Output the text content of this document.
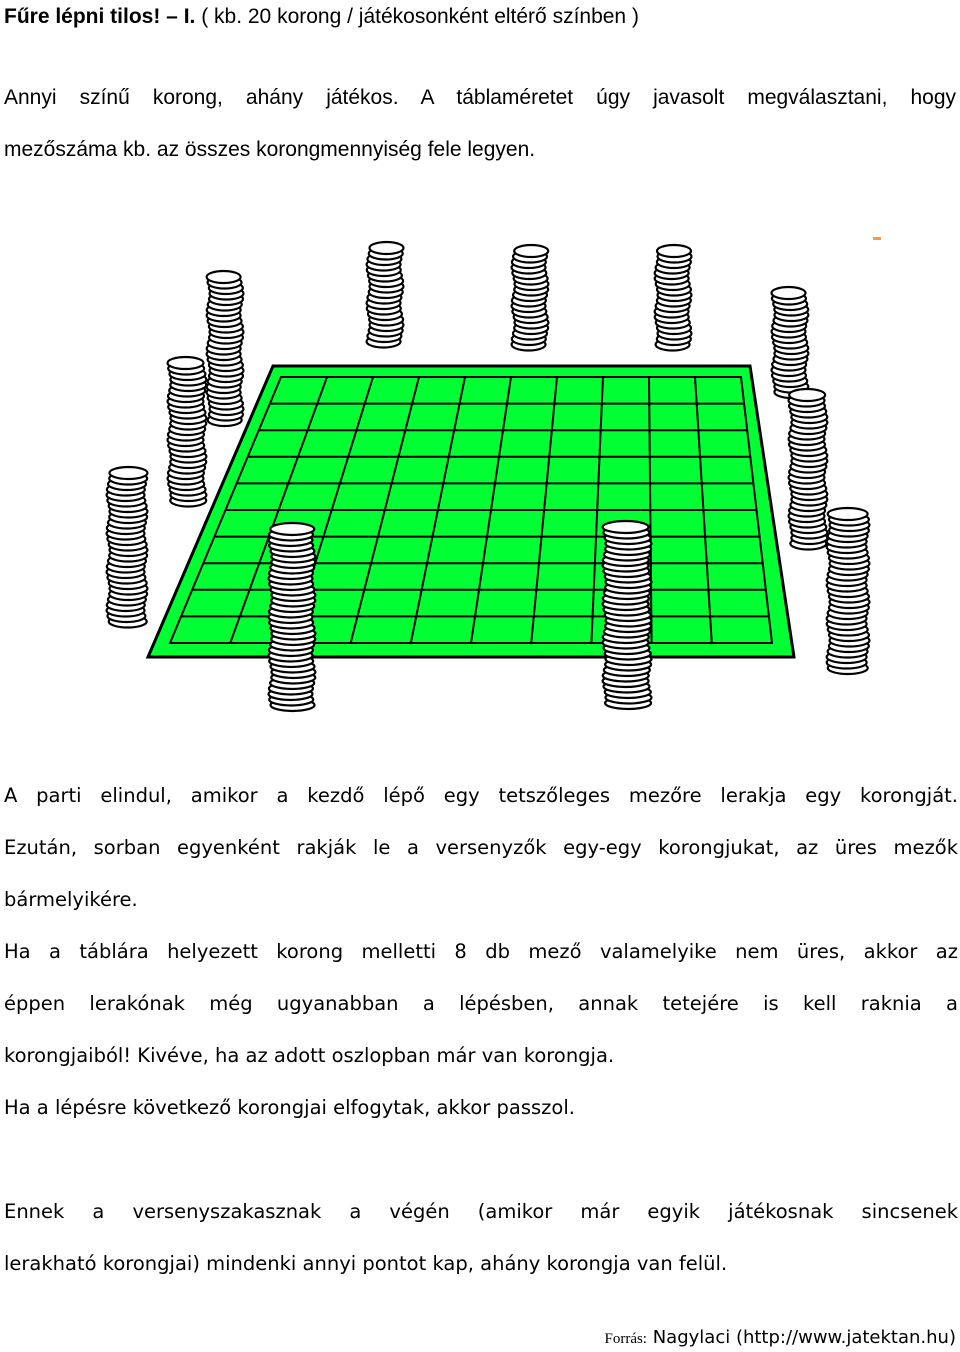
Fűre lépni tilos! – I. ( kb. 20 korong / játékosonként eltérő színben )

Annyi színű korong, ahány játékos. A táblaméretet úgy javasolt megválasztani, hogy

mezőszáma kb. az összes korongmennyiség fele legyen.

A parti elindul, amikor a kezdő lépő egy tetszőleges mezőre lerakja egy korongját.

Ezután, sorban egyenként rakják le a versenyzők egy-egy korongjukat, az üres mezők

bármelyikére.

Ha a táblára helyezett korong melletti 8 db mező valamelyike nem üres, akkor az

éppen lerakónak még ugyanabban a lépésben, annak tetejére is kell raknia a

korongjaiból! Kivéve, ha az adott oszlopban már van korongja.

Ha a lépésre következő korongjai elfogytak, akkor passzol.

Ennek a versenyszakasznak a végén (amikor már egyik játékosnak sincsenek

lerakható korongjai) mindenki annyi pontot kap, ahány korongja van felül.

Forrás: Nagylaci (http://www.jatektan.hu)
